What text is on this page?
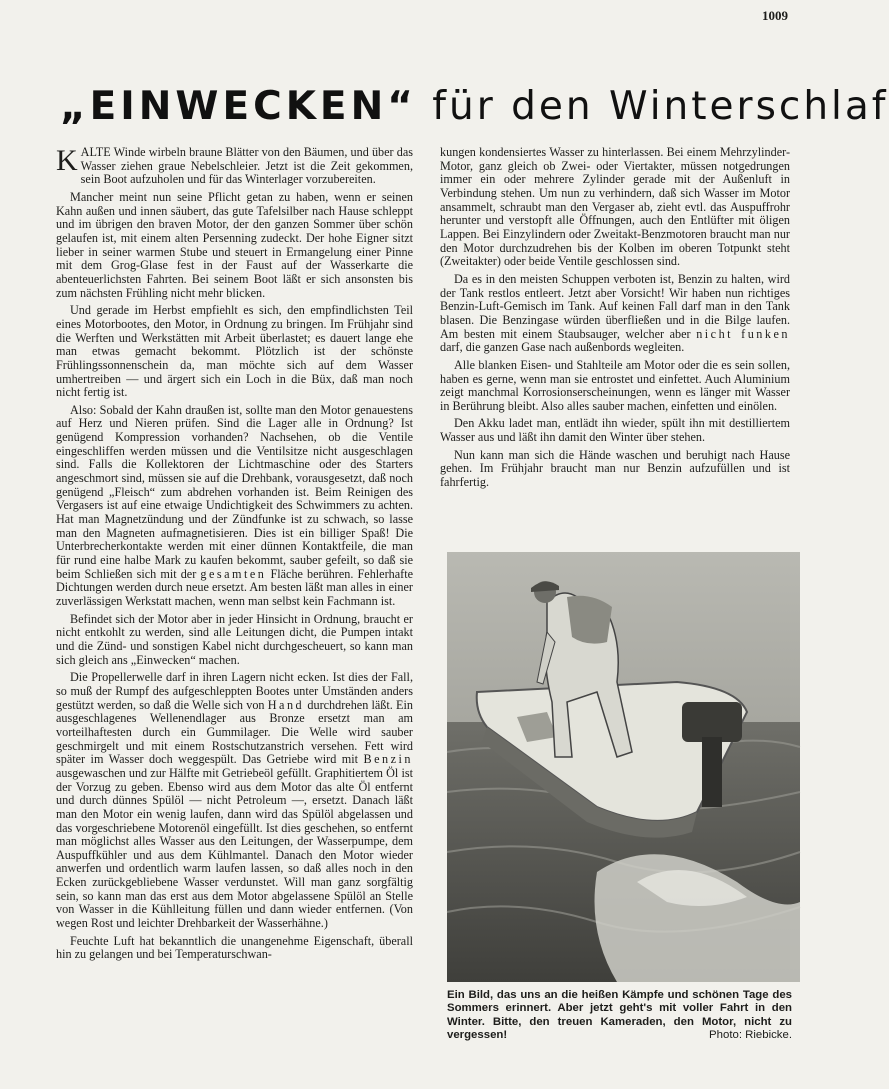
1009
„EINWECKEN“ für den Winterschlaf

KALTE Winde wirbeln braune Blätter von den Bäumen, und über das Wasser ziehen graue Nebelschleier. Jetzt ist die Zeit gekommen, sein Boot aufzuholen und für das Winterlager vorzubereiten.

Mancher meint nun seine Pflicht getan zu haben, wenn er seinen Kahn außen und innen säubert, das gute Tafelsilber nach Hause schleppt und im übrigen den braven Motor, der den ganzen Sommer über schön gelaufen ist, mit einem alten Persenning zudeckt. Der hohe Eigner sitzt lieber in seiner warmen Stube und steuert in Ermangelung einer Pinne mit dem Grog-Glase fest in der Faust auf der Wasserkarte die abenteuerlichsten Fahrten. Bei seinem Boot läßt er sich ansonsten bis zum nächsten Frühling nicht mehr blicken.

Und gerade im Herbst empfiehlt es sich, den empfindlichsten Teil eines Motorbootes, den Motor, in Ordnung zu bringen. Im Frühjahr sind die Werften und Werkstätten mit Arbeit überlastet; es dauert lange ehe man etwas gemacht bekommt. Plötzlich ist der schönste Frühlingssonnenschein da, man möchte sich auf dem Wasser umhertreiben — und ärgert sich ein Loch in die Büx, daß man noch nicht fertig ist.

Also: Sobald der Kahn draußen ist, sollte man den Motor genauestens auf Herz und Nieren prüfen. Sind die Lager alle in Ordnung? Ist genügend Kompression vorhanden? Nachsehen, ob die Ventile eingeschliffen werden müssen und die Ventilsitze nicht ausgeschlagen sind. Falls die Kollektoren der Lichtmaschine oder des Starters angeschmort sind, müssen sie auf die Drehbank, vorausgesetzt, daß noch genügend „Fleisch“ zum abdrehen vorhanden ist. Beim Reinigen des Vergasers ist auf eine etwaige Undichtigkeit des Schwimmers zu achten. Hat man Magnetzündung und der Zündfunke ist zu schwach, so lasse man den Magneten aufmagnetisieren. Dies ist ein billiger Spaß! Die Unterbrecherkontakte werden mit einer dünnen Kontaktfeile, die man für rund eine halbe Mark zu kaufen bekommt, sauber gefeilt, so daß sie beim Schließen sich mit der gesamten Fläche berühren. Fehlerhafte Dichtungen werden durch neue ersetzt. Am besten läßt man alles in einer zuverlässigen Werkstatt machen, wenn man selbst kein Fachmann ist.

Befindet sich der Motor aber in jeder Hinsicht in Ordnung, braucht er nicht entkohlt zu werden, sind alle Leitungen dicht, die Pumpen intakt und die Zünd- und sonstigen Kabel nicht durchgescheuert, so kann man sich gleich ans „Einwecken“ machen.

Die Propellerwelle darf in ihren Lagern nicht ecken. Ist dies der Fall, so muß der Rumpf des aufgeschleppten Bootes unter Umständen anders gestützt werden, so daß die Welle sich von Hand durchdrehen läßt. Ein ausgeschlagenes Wellenendlager aus Bronze ersetzt man am vorteilhaftesten durch ein Gummilager. Die Welle wird sauber geschmirgelt und mit einem Rostschutzanstrich versehen. Fett wird später im Wasser doch weggespült. Das Getriebe wird mit Benzin ausgewaschen und zur Hälfte mit Getriebeöl gefüllt. Graphitiertem Öl ist der Vorzug zu geben. Ebenso wird aus dem Motor das alte Öl entfernt und durch dünnes Spülöl — nicht Petroleum —, ersetzt. Danach läßt man den Motor ein wenig laufen, dann wird das Spülöl abgelassen und das vorgeschriebene Motorenöl eingefüllt. Ist dies geschehen, so entfernt man möglichst alles Wasser aus den Leitungen, der Wasserpumpe, dem Auspuffkühler und aus dem Kühlmantel. Danach den Motor wieder anwerfen und ordentlich warm laufen lassen, so daß alles noch in den Ecken zurückgebliebene Wasser verdunstet. Will man ganz sorgfältig sein, so kann man das erst aus dem Motor abgelassene Spülöl an Stelle von Wasser in die Kühlleitung füllen und dann wieder entfernen. (Von wegen Rost und leichter Drehbarkeit der Wasserhähne.)

Feuchte Luft hat bekanntlich die unangenehme Eigenschaft, überall hin zu gelangen und bei Temperaturschwan-

kungen kondensiertes Wasser zu hinterlassen. Bei einem Mehrzylinder-Motor, ganz gleich ob Zwei- oder Viertakter, müssen notgedrungen immer ein oder mehrere Zylinder gerade mit der Außenluft in Verbindung stehen. Um nun zu verhindern, daß sich Wasser im Motor ansammelt, schraubt man den Vergaser ab, zieht evtl. das Auspuffrohr herunter und verstopft alle Öffnungen, auch den Entlüfter mit öligen Lappen. Bei Einzylindern oder Zweitakt-Benzmotoren braucht man nur den Motor durchzudrehen bis der Kolben im oberen Totpunkt steht (Zweitakter) oder beide Ventile geschlossen sind.

Da es in den meisten Schuppen verboten ist, Benzin zu halten, wird der Tank restlos entleert. Jetzt aber Vorsicht! Wir haben nun richtiges Benzin-Luft-Gemisch im Tank. Auf keinen Fall darf man in den Tank blasen. Die Benzingase würden überfließen und in die Bilge laufen. Am besten mit einem Staubsauger, welcher aber nicht funken darf, die ganzen Gase nach außenbords wegleiten.

Alle blanken Eisen- und Stahlteile am Motor oder die es sein sollen, haben es gerne, wenn man sie entrostet und einfettet. Auch Aluminium zeigt manchmal Korrosionserscheinungen, wenn es länger mit Wasser in Berührung bleibt. Also alles sauber machen, einfetten und einölen.

Den Akku ladet man, entlädt ihn wieder, spült ihn mit destilliertem Wasser aus und läßt ihn damit den Winter über stehen.

Nun kann man sich die Hände waschen und beruhigt nach Hause gehen. Im Frühjahr braucht man nur Benzin aufzufüllen und ist fahrfertig.

Ein Bild, das uns an die heißen Kämpfe und schönen Tage des Sommers erinnert. Aber jetzt geht's mit voller Fahrt in den Winter. Bitte, den treuen Kameraden, den Motor, nicht zu vergessen!	Photo: Riebicke.
